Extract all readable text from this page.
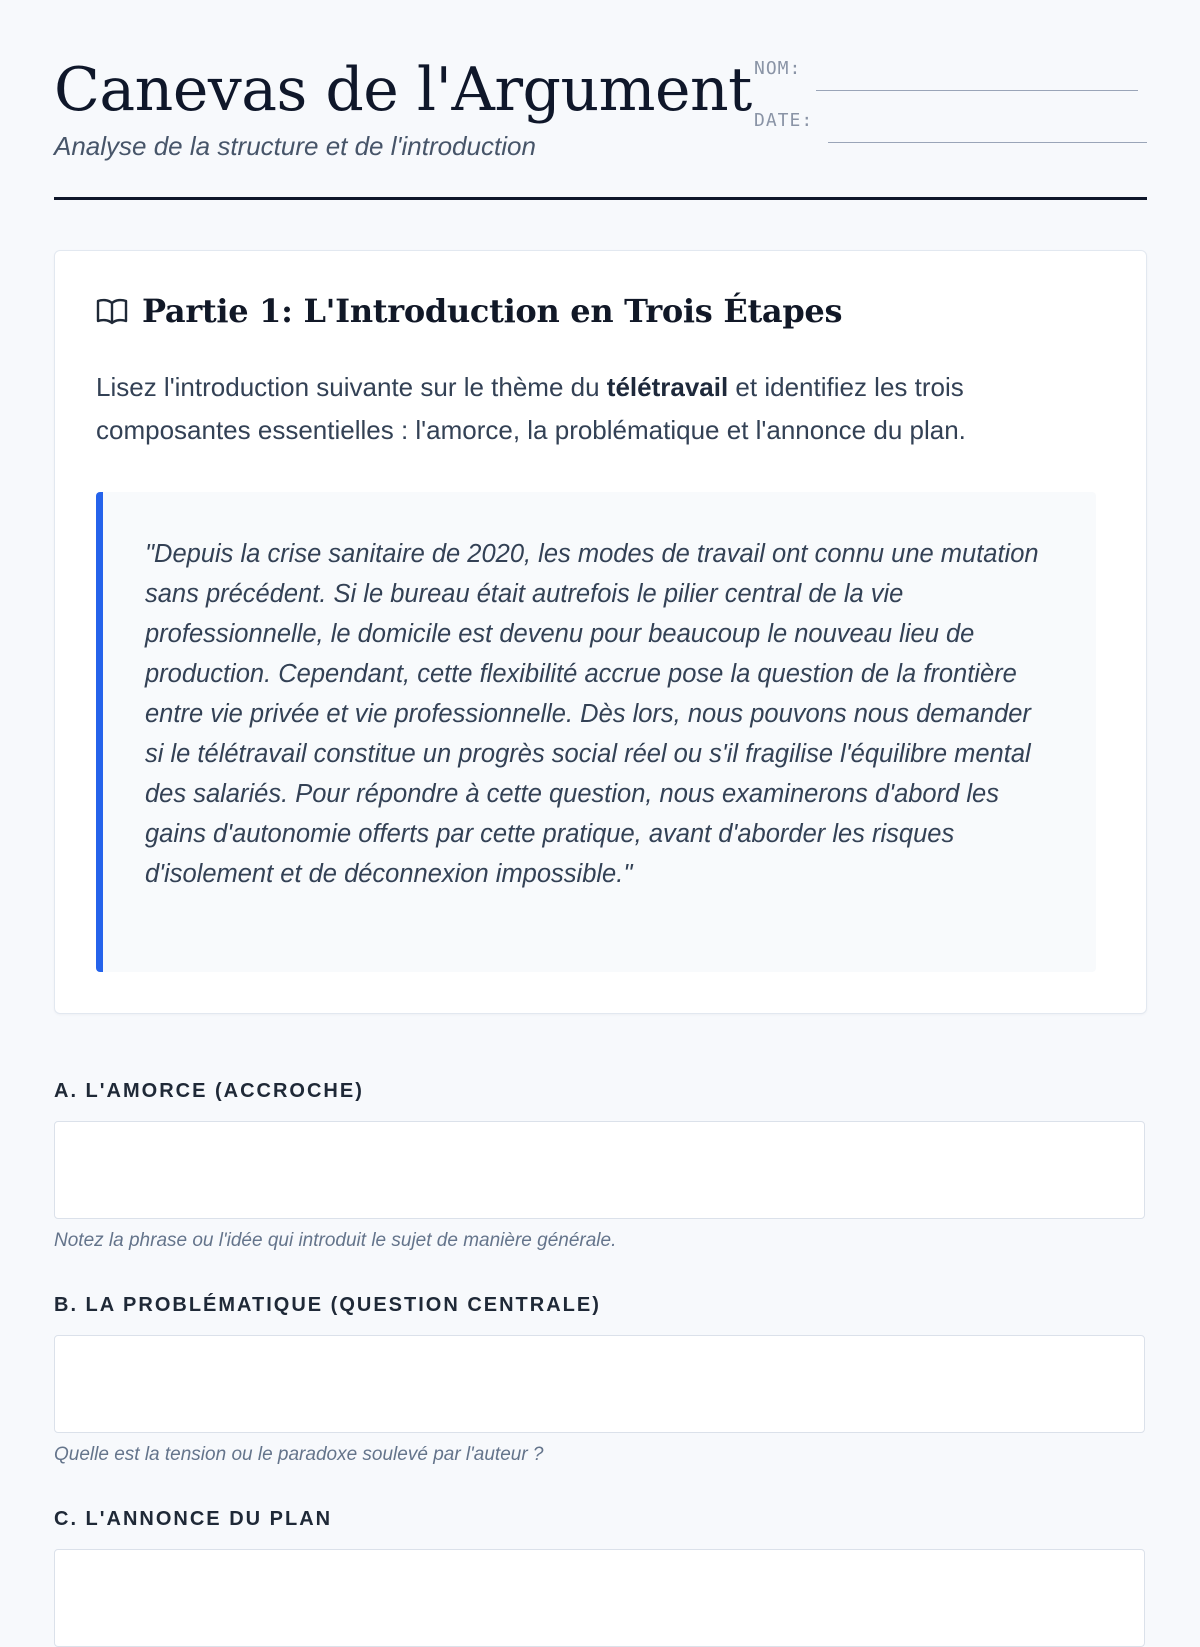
Canevas de l'Argument
Analyse de la structure et de l'introduction
NOM:
DATE:
Partie 1: L'Introduction en Trois Étapes

Lisez l'introduction suivante sur le thème du télétravail et identifiez les trois composantes essentielles : l'amorce, la problématique et l'annonce du plan.

"Depuis la crise sanitaire de 2020, les modes de travail ont connu une mutation sans précédent. Si le bureau était autrefois le pilier central de la vie professionnelle, le domicile est devenu pour beaucoup le nouveau lieu de production. Cependant, cette flexibilité accrue pose la question de la frontière entre vie privée et vie professionnelle. Dès lors, nous pouvons nous demander si le télétravail constitue un progrès social réel ou s'il fragilise l'équilibre mental des salariés. Pour répondre à cette question, nous examinerons d'abord les gains d'autonomie offerts par cette pratique, avant d'aborder les risques d'isolement et de déconnexion impossible."

A. L'AMORCE (ACCROCHE)

Notez la phrase ou l'idée qui introduit le sujet de manière générale.

B. LA PROBLÉMATIQUE (QUESTION CENTRALE)

Quelle est la tension ou le paradoxe soulevé par l'auteur ?

C. L'ANNONCE DU PLAN
